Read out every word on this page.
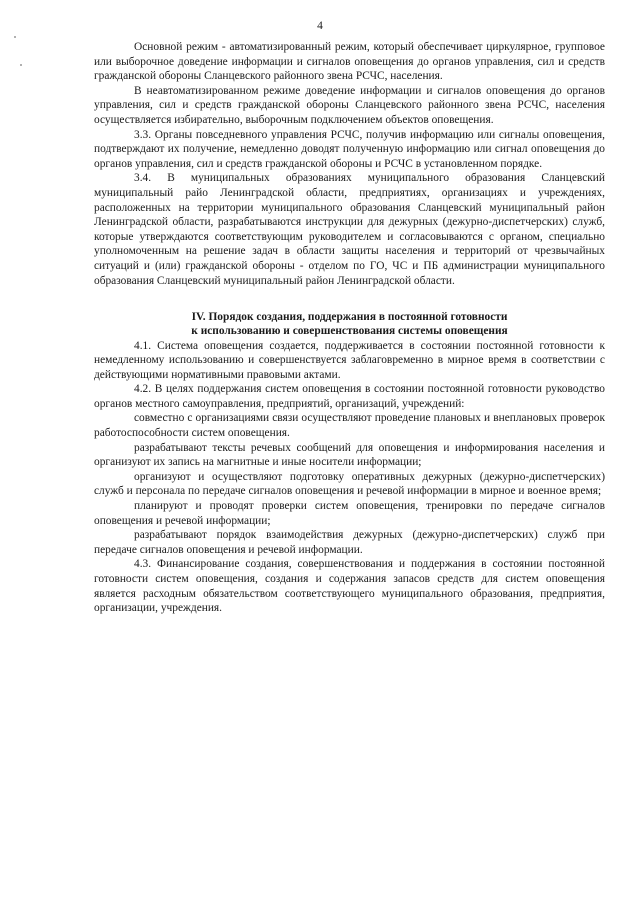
4

Основной режим - автоматизированный режим, который обеспечивает циркулярное, групповое или выборочное доведение информации и сигналов оповещения до органов управления, сил и средств гражданской обороны Сланцевского районного звена РСЧС, населения.

В неавтоматизированном режиме доведение информации и сигналов оповещения до органов управления, сил и средств гражданской обороны Сланцевского районного звена РСЧС, населения осуществляется избирательно, выборочным подключением объектов оповещения.

3.3. Органы повседневного управления РСЧС, получив информацию или сигналы оповещения, подтверждают их получение, немедленно доводят полученную информацию или сигнал оповещения до органов управления, сил и средств гражданской обороны и РСЧС в установленном порядке.

3.4. В муниципальных образованиях муниципального образования Сланцевский муниципальный райо Ленинградской области, предприятиях, организациях и учреждениях, расположенных на территории муниципального образования Сланцевский муниципальный район Ленинградской области, разрабатываются инструкции для дежурных (дежурно-диспетчерских) служб, которые утверждаются соответствующим руководителем и согласовываются с органом, специально уполномоченным на решение задач в области защиты населения и территорий от чрезвычайных ситуаций и (или) гражданской обороны - отделом по ГО, ЧС и ПБ администрации муниципального образования Сланцевский муниципальный район Ленинградской области.

IV. Порядок создания, поддержания в постоянной готовности
к использованию и совершенствования системы оповещения

4.1. Система оповещения создается, поддерживается в состоянии постоянной готовности к немедленному использованию и совершенствуется заблаговременно в мирное время в соответствии с действующими нормативными правовыми актами.

4.2. В целях поддержания систем оповещения в состоянии постоянной готовности руководство органов местного самоуправления, предприятий, организаций, учреждений:

совместно с организациями связи осуществляют проведение плановых и внеплановых проверок работоспособности систем оповещения.

разрабатывают тексты речевых сообщений для оповещения и информирования населения и организуют их запись на магнитные и иные носители информации;

организуют и осуществляют подготовку оперативных дежурных (дежурно-диспетчерских) служб и персонала по передаче сигналов оповещения и речевой информации в мирное и военное время;

планируют и проводят проверки систем оповещения, тренировки по передаче сигналов оповещения и речевой информации;

разрабатывают порядок взаимодействия дежурных (дежурно-диспетчерских) служб при передаче сигналов оповещения и речевой информации.

4.3. Финансирование создания, совершенствования и поддержания в состоянии постоянной готовности систем оповещения, создания и содержания запасов средств для систем оповещения является расходным обязательством соответствующего муниципального образования, предприятия, организации, учреждения.
